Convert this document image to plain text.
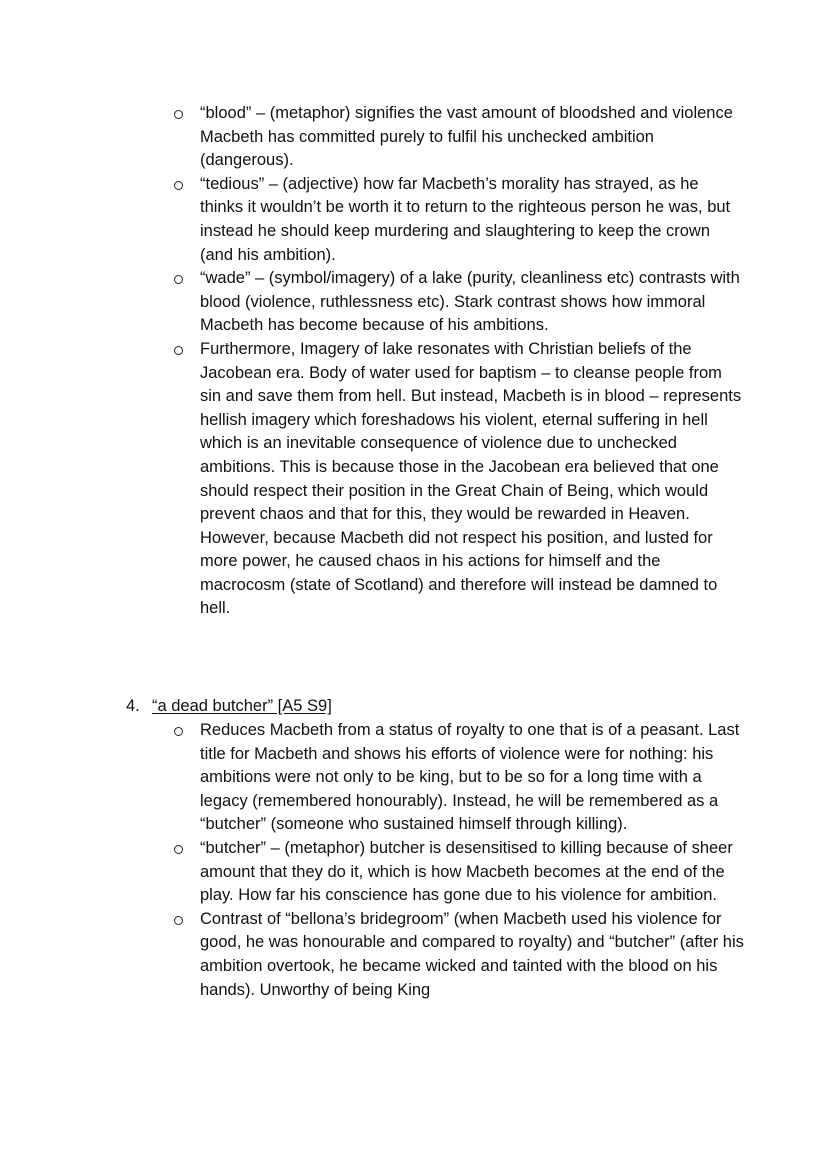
“blood” – (metaphor) signifies the vast amount of bloodshed and violence Macbeth has committed purely to fulfil his unchecked ambition (dangerous).
“tedious” – (adjective) how far Macbeth’s morality has strayed, as he thinks it wouldn’t be worth it to return to the righteous person he was, but instead he should keep murdering and slaughtering to keep the crown (and his ambition).
“wade” – (symbol/imagery) of a lake (purity, cleanliness etc) contrasts with blood (violence, ruthlessness etc). Stark contrast shows how immoral Macbeth has become because of his ambitions.
Furthermore, Imagery of lake resonates with Christian beliefs of the Jacobean era. Body of water used for baptism – to cleanse people from sin and save them from hell. But instead, Macbeth is in blood – represents hellish imagery which foreshadows his violent, eternal suffering in hell which is an inevitable consequence of violence due to unchecked ambitions. This is because those in the Jacobean era believed that one should respect their position in the Great Chain of Being, which would prevent chaos and that for this, they would be rewarded in Heaven. However, because Macbeth did not respect his position, and lusted for more power, he caused chaos in his actions for himself and the macrocosm (state of Scotland) and therefore will instead be damned to hell.
4. “a dead butcher” [A5 S9]
Reduces Macbeth from a status of royalty to one that is of a peasant. Last title for Macbeth and shows his efforts of violence were for nothing: his ambitions were not only to be king, but to be so for a long time with a legacy (remembered honourably). Instead, he will be remembered as a “butcher” (someone who sustained himself through killing).
“butcher” – (metaphor) butcher is desensitised to killing because of sheer amount that they do it, which is how Macbeth becomes at the end of the play. How far his conscience has gone due to his violence for ambition.
Contrast of “bellona’s bridegroom” (when Macbeth used his violence for good, he was honourable and compared to royalty) and “butcher” (after his ambition overtook, he became wicked and tainted with the blood on his hands). Unworthy of being King
